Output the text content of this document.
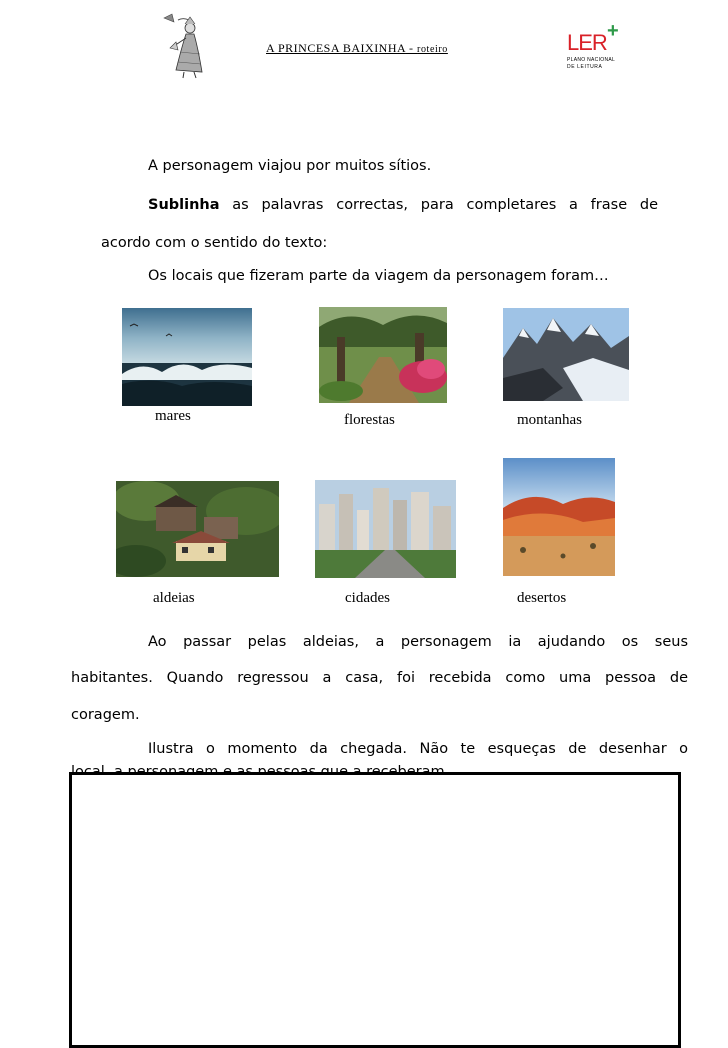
A PRINCESA BAIXINHA - roteiro	LER +
PLANO NACIONAL
DE LEITURA
A personagem viajou por muitos sítios.
Sublinha as palavras correctas, para completares a frase de
acordo com o sentido do texto:
Os locais que fizeram parte da viagem da personagem foram…
mares	florestas	montanhas
aldeias	cidades	desertos
Ao passar pelas aldeias, a personagem ia ajudando os seus
habitantes. Quando regressou a casa, foi recebida como uma pessoa de
coragem.
Ilustra o momento da chegada. Não te esqueças de desenhar o
